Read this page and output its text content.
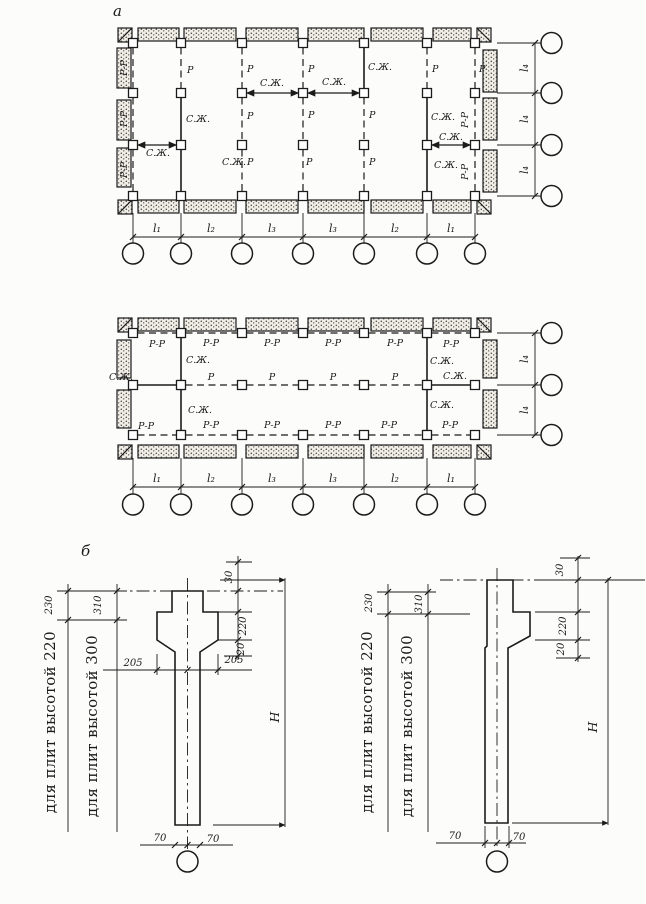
а
Р-Р
Р-Р
Р-Р
Р
С.Ж.
С.Ж.
Р
Р
Р
Р
Р
Р
С.Ж.
Р
Р
Р
С.Ж.
С.Ж.
Р
Р-Р
Р-Р
С.Ж.	С.Ж.
С.Ж.
С.Ж.
l₁	l₂	l₃	l₃	l₂	l₁
l₄
l₄
l₄
Р-Р	Р-Р	Р-Р	Р-Р	Р-Р	Р-Р
С.Ж.	Р	Р	Р	Р	С.Ж.
Р-Р	Р-Р	Р-Р	Р-Р	Р-Р	Р-Р
С.Ж.
С.Ж.
С.Ж.
С.Ж.
l₁	l₂	l₃	l₃	l₂	l₁
l₄
l₄
б
230	310
для плит высотой 220 для плит высотой 300
30
220
20
205	205
70	70
Н
230	310
для плит высотой 220 для плит высотой 300
30
220
20
70	70
Н
